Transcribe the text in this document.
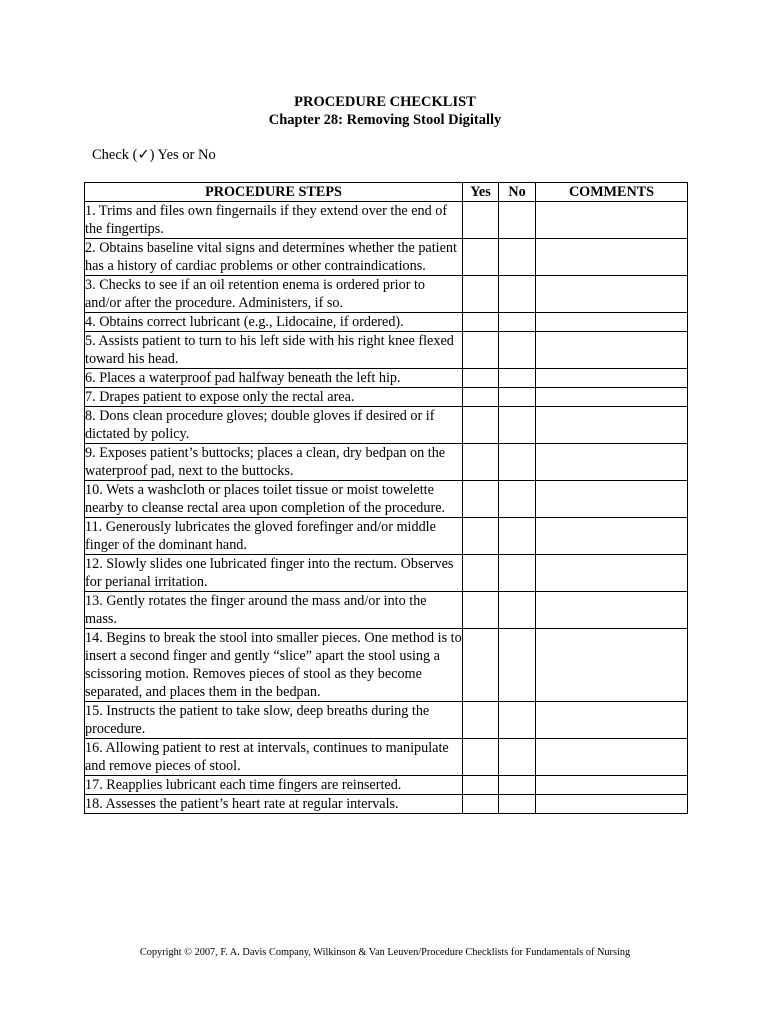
PROCEDURE CHECKLIST
Chapter 28: Removing Stool Digitally
Check (✓) Yes or No
PROCEDURE STEPS	Yes	No	COMMENTS
1. Trims and files own fingernails if they extend over the end of the fingertips.			
2. Obtains baseline vital signs and determines whether the patient has a history of cardiac problems or other contraindications.			
3. Checks to see if an oil retention enema is ordered prior to and/or after the procedure. Administers, if so.			
4. Obtains correct lubricant (e.g., Lidocaine, if ordered).			
5. Assists patient to turn to his left side with his right knee flexed toward his head.			
6. Places a waterproof pad halfway beneath the left hip.			
7. Drapes patient to expose only the rectal area.			
8. Dons clean procedure gloves; double gloves if desired or if dictated by policy.			
9. Exposes patient’s buttocks; places a clean, dry bedpan on the waterproof pad, next to the buttocks.			
10. Wets a washcloth or places toilet tissue or moist towelette nearby to cleanse rectal area upon completion of the procedure.			
11. Generously lubricates the gloved forefinger and/or middle finger of the dominant hand.			
12. Slowly slides one lubricated finger into the rectum. Observes for perianal irritation.			
13. Gently rotates the finger around the mass and/or into the mass.			
14. Begins to break the stool into smaller pieces. One method is to insert a second finger and gently “slice” apart the stool using a scissoring motion. Removes pieces of stool as they become separated, and places them in the bedpan.			
15. Instructs the patient to take slow, deep breaths during the procedure.			
16. Allowing patient to rest at intervals, continues to manipulate and remove pieces of stool.			
17. Reapplies lubricant each time fingers are reinserted.			
18. Assesses the patient’s heart rate at regular intervals.			
Copyright © 2007, F. A. Davis Company, Wilkinson & Van Leuven/Procedure Checklists for Fundamentals of Nursing
